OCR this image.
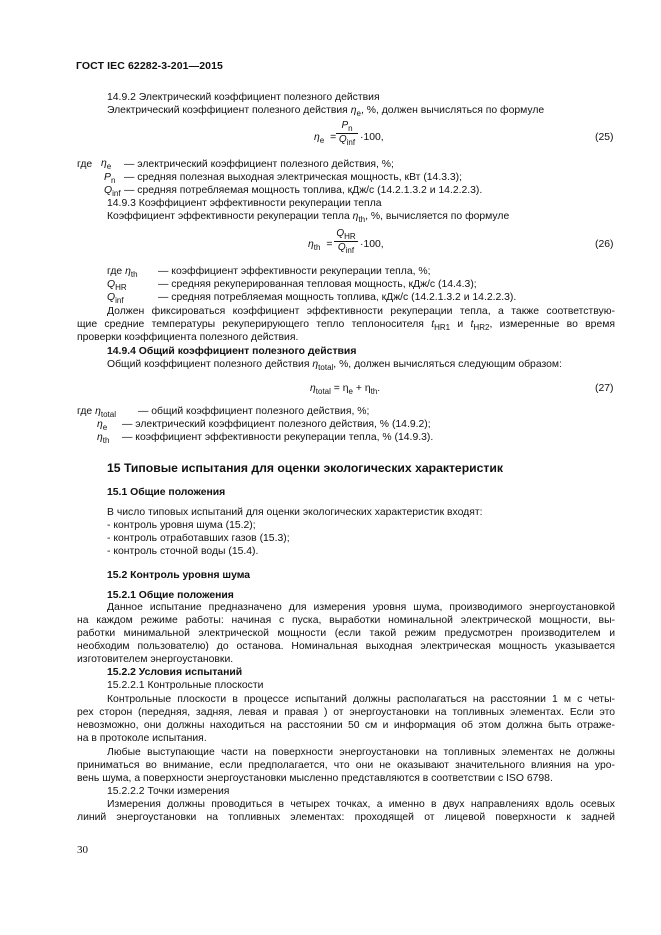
ГОСТ IEC 62282-3-201—2015
14.9.2 Электрический коэффициент полезного действия
Электрический коэффициент полезного действия $\eta_e$, %, должен вычисляться по формуле
$\eta_e$ =
$P_n$
$Q_{inf} \cdot 100$,	(25)
где $\eta_e$ — электрический коэффициент полезного действия, %;
$P_n$ — средняя полезная выходная электрическая мощность, кВт (14.3.3);
$Q_{inf}$ — средняя потребляемая мощность топлива, кДж/с (14.2.1.3.2 и 14.2.2.3).
14.9.3 Коэффициент эффективности рекуперации тепла
Коэффициент эффективности рекуперации тепла $\eta_{th}$, %, вычисляется по формуле
$\eta_{th}$ =
$Q_{HR}$
$Q_{inf}$
·100,	(26)
где $\eta_{th}$ — коэффициент эффективности рекуперации тепла, %;
$Q_{HR}$	— средняя рекуперированная тепловая мощность, кДж/с (14.4.3);
$Q_{inf}$	— средняя потребляемая мощность топлива, кДж/с (14.2.1.3.2 и 14.2.2.3).
Должен фиксироваться коэффициент эффективности рекуперации тепла, а также соответствую-
щие средние температуры рекуперирующего тепло теплоносителя $t_{HR1}$ и $t_{HR2}$, измеренные во время
проверки коэффициента полезного действия.
14.9.4 Общий коэффициент полезного действия
Общий коэффициент полезного действия $\eta_{total}$, %, должен вычисляться следующим образом:
$\eta_{total} = \eta_e + \eta_{th}$.	(27)
где $\eta_{total}$ — общий коэффициент полезного действия, %;
$\eta_e$ — электрический коэффициент полезного действия, % (14.9.2);
$\eta_{th}$ — коэффициент эффективности рекуперации тепла, % (14.9.3).
15 Типовые испытания для оценки экологических характеристик
15.1 Общие положения
В число типовых испытаний для оценки экологических характеристик входят:
- контроль уровня шума (15.2);
- контроль отработавших газов (15.3);
- контроль сточной воды (15.4).
15.2 Контроль уровня шума
15.2.1 Общие положения
Данное испытание предназначено для измерения уровня шума, производимого энергоустановкой
на каждом режиме работы: начиная с пуска, выработки номинальной электрической мощности, вы-
работки минимальной электрической мощности (если такой режим предусмотрен производителем и
необходим пользователю) до останова. Номинальная выходная электрическая мощность указывается
изготовителем энергоустановки.
15.2.2 Условия испытаний
15.2.2.1 Контрольные плоскости
Контрольные плоскости в процессе испытаний должны располагаться на расстоянии 1 м с четы-
рех сторон (передняя, задняя, левая и правая ) от энергоустановки на топливных элементах. Если это
невозможно, они должны находиться на расстоянии 50 см и информация об этом должна быть отраже-
на в протоколе испытания.
Любые выступающие части на поверхности энергоустановки на топливных элементах не должны
приниматься во внимание, если предполагается, что они не оказывают значительного влияния на уро-
вень шума, а поверхности энергоустановки мысленно представляются в соответствии с ISO 6798.
15.2.2.2 Точки измерения
Измерения должны проводиться в четырех точках, а именно в двух направлениях вдоль осевых
линий энергоустановки на топливных элементах: проходящей от лицевой поверхности к задней
30
